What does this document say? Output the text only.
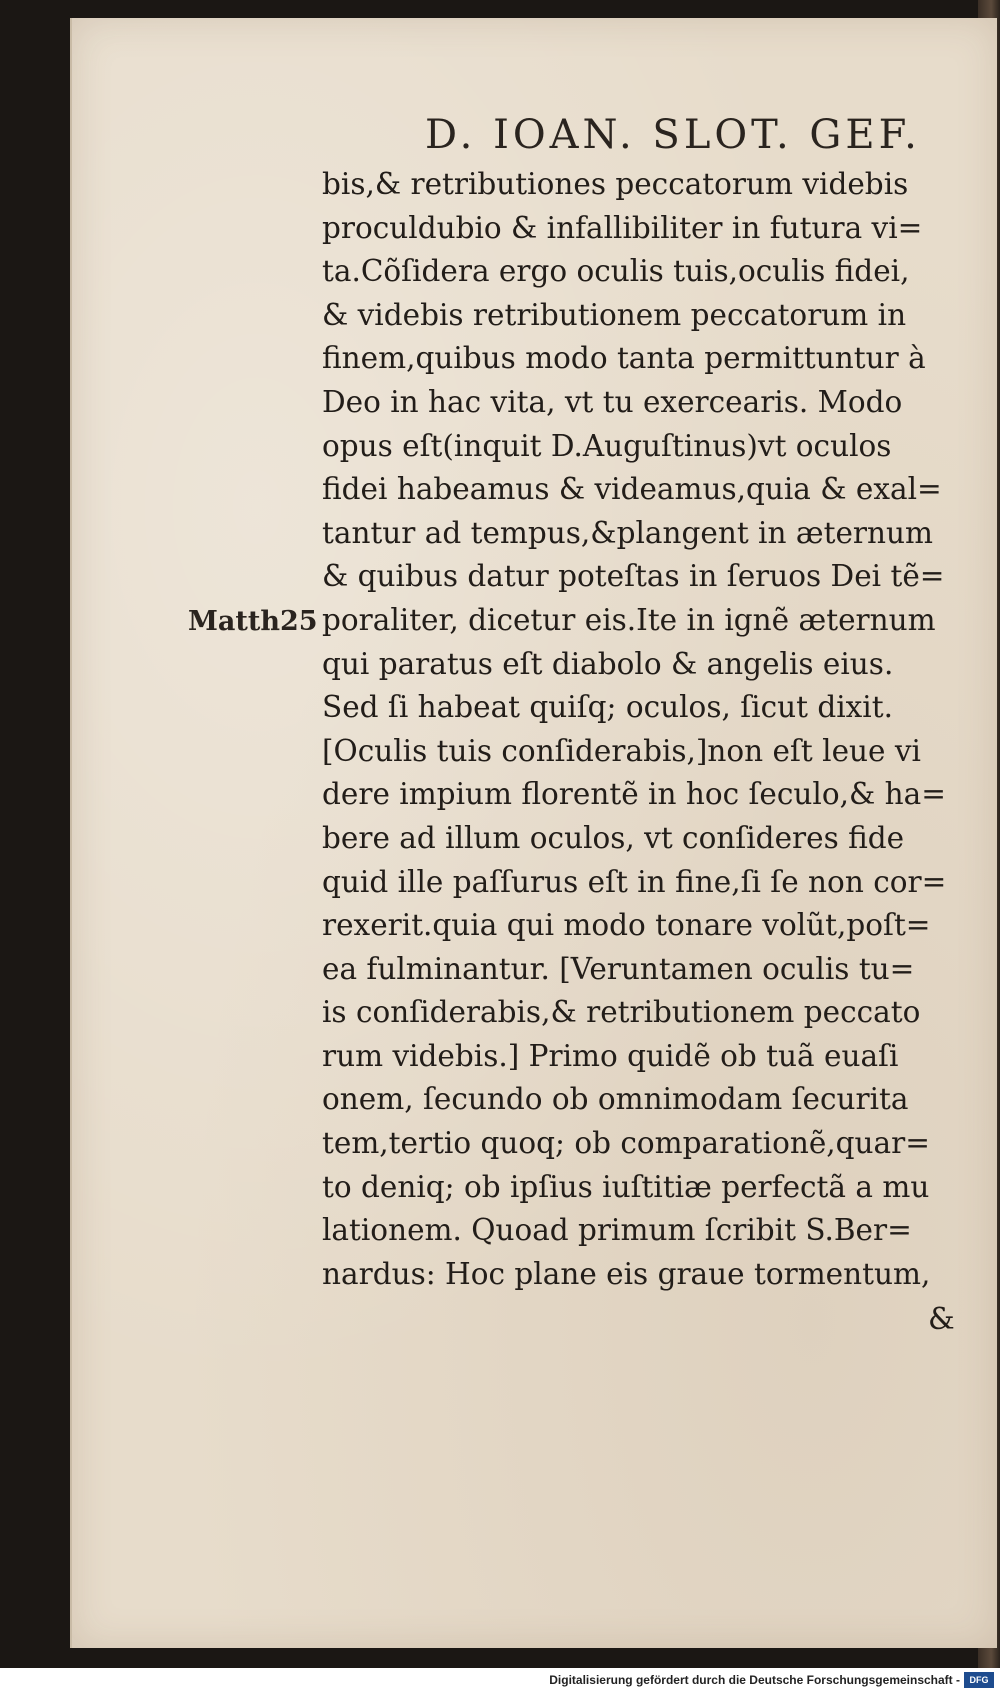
D. IOAN. SLOT. GEF.
Matth25
bis,& retributiones peccatorum videbis
proculdubio & infallibiliter in futura vi=
ta.Cõſidera ergo oculis tuis,oculis fidei,
& videbis retributionem peccatorum in
finem,quibus modo tanta permittuntur à
Deo in hac vita, vt tu exercearis. Modo
opus eſt(inquit D.Auguſtinus)vt oculos
fidei habeamus & videamus,quia & exal=
tantur ad tempus,&plangent in æternum
& quibus datur poteſtas in ſeruos Dei tẽ=
poraliter, dicetur eis.Ite in ignẽ æternum
qui paratus eſt diabolo & angelis eius.
Sed ſi habeat quiſq; oculos, ſicut dixit.
[Oculis tuis conſiderabis,]non eſt leue vi
dere impium florentẽ in hoc ſeculo,& ha=
bere ad illum oculos, vt conſideres fide
quid ille paſſurus eſt in fine,ſi ſe non cor=
rexerit.quia qui modo tonare volũt,poſt=
ea fulminantur. [Veruntamen oculis tu=
is conſiderabis,& retributionem peccato
rum videbis.] Primo quidẽ ob tuã euaſi
onem, ſecundo ob omnimodam ſecurita
tem,tertio quoq; ob comparationẽ,quar=
to deniq; ob ipſius iuſtitiæ perfectã a mu
lationem. Quoad primum ſcribit S.Ber=
nardus: Hoc plane eis graue tormentum,
&
Digitalisierung gefördert durch die Deutsche Forschungsgemeinschaft -	DFG
